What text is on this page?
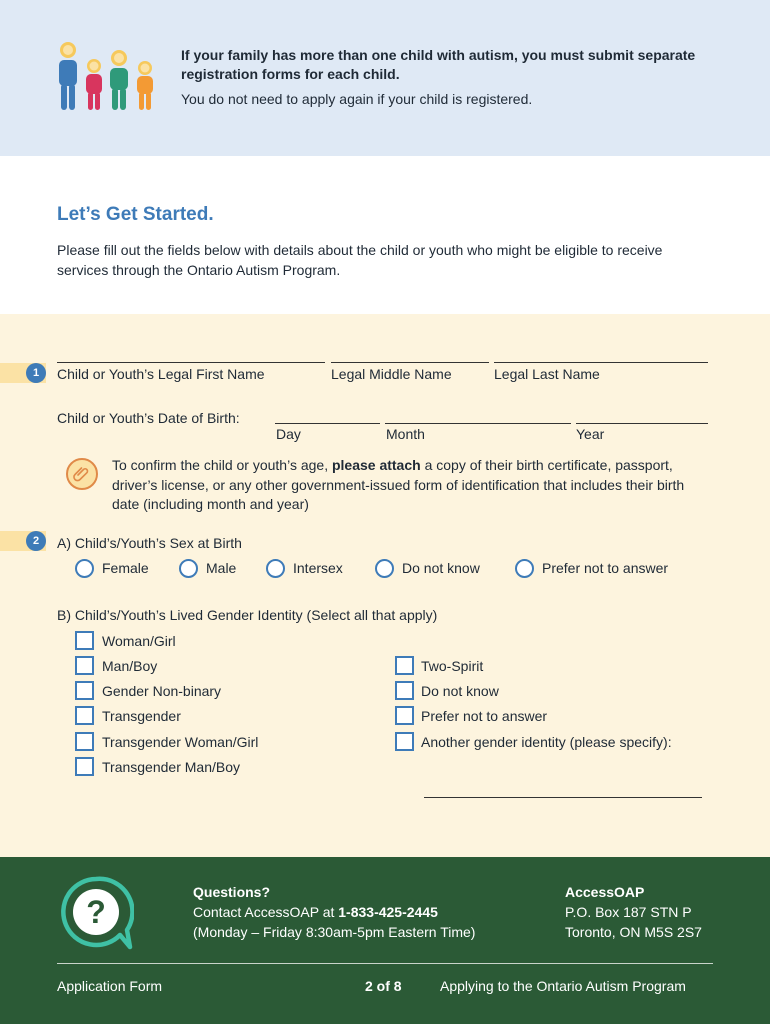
If your family has more than one child with autism, you must submit separate registration forms for each child.
You do not need to apply again if your child is registered.
Let’s Get Started.

Please fill out the fields below with details about the child or youth who might be eligible to receive services through the Ontario Autism Program.

1	Child or Youth’s Legal First Name	Legal Middle Name	Legal Last Name
Child or Youth’s Date of Birth:
Day	Month	Year
To confirm the child or youth’s age, please attach a copy of their birth certificate, passport, driver’s license, or any other government-issued form of identification that includes their birth date (including month and year)
2	A) Child’s/Youth’s Sex at Birth
Female	Male	Intersex	Do not know	Prefer not to answer
B) Child’s/Youth’s Lived Gender Identity (Select all that apply)
Woman/Girl
Man/Boy
Gender Non-binary
Transgender
Transgender Woman/Girl
Transgender Man/Boy
Two-Spirit
Do not know
Prefer not to answer
Another gender identity (please specify):
?
Questions?
Contact AccessOAP at 1-833-425-2445
(Monday – Friday 8:30am-5pm Eastern Time)
AccessOAP
P.O. Box 187 STN P
Toronto, ON M5S 2S7
Application Form	2 of 8	Applying to the Ontario Autism Program
